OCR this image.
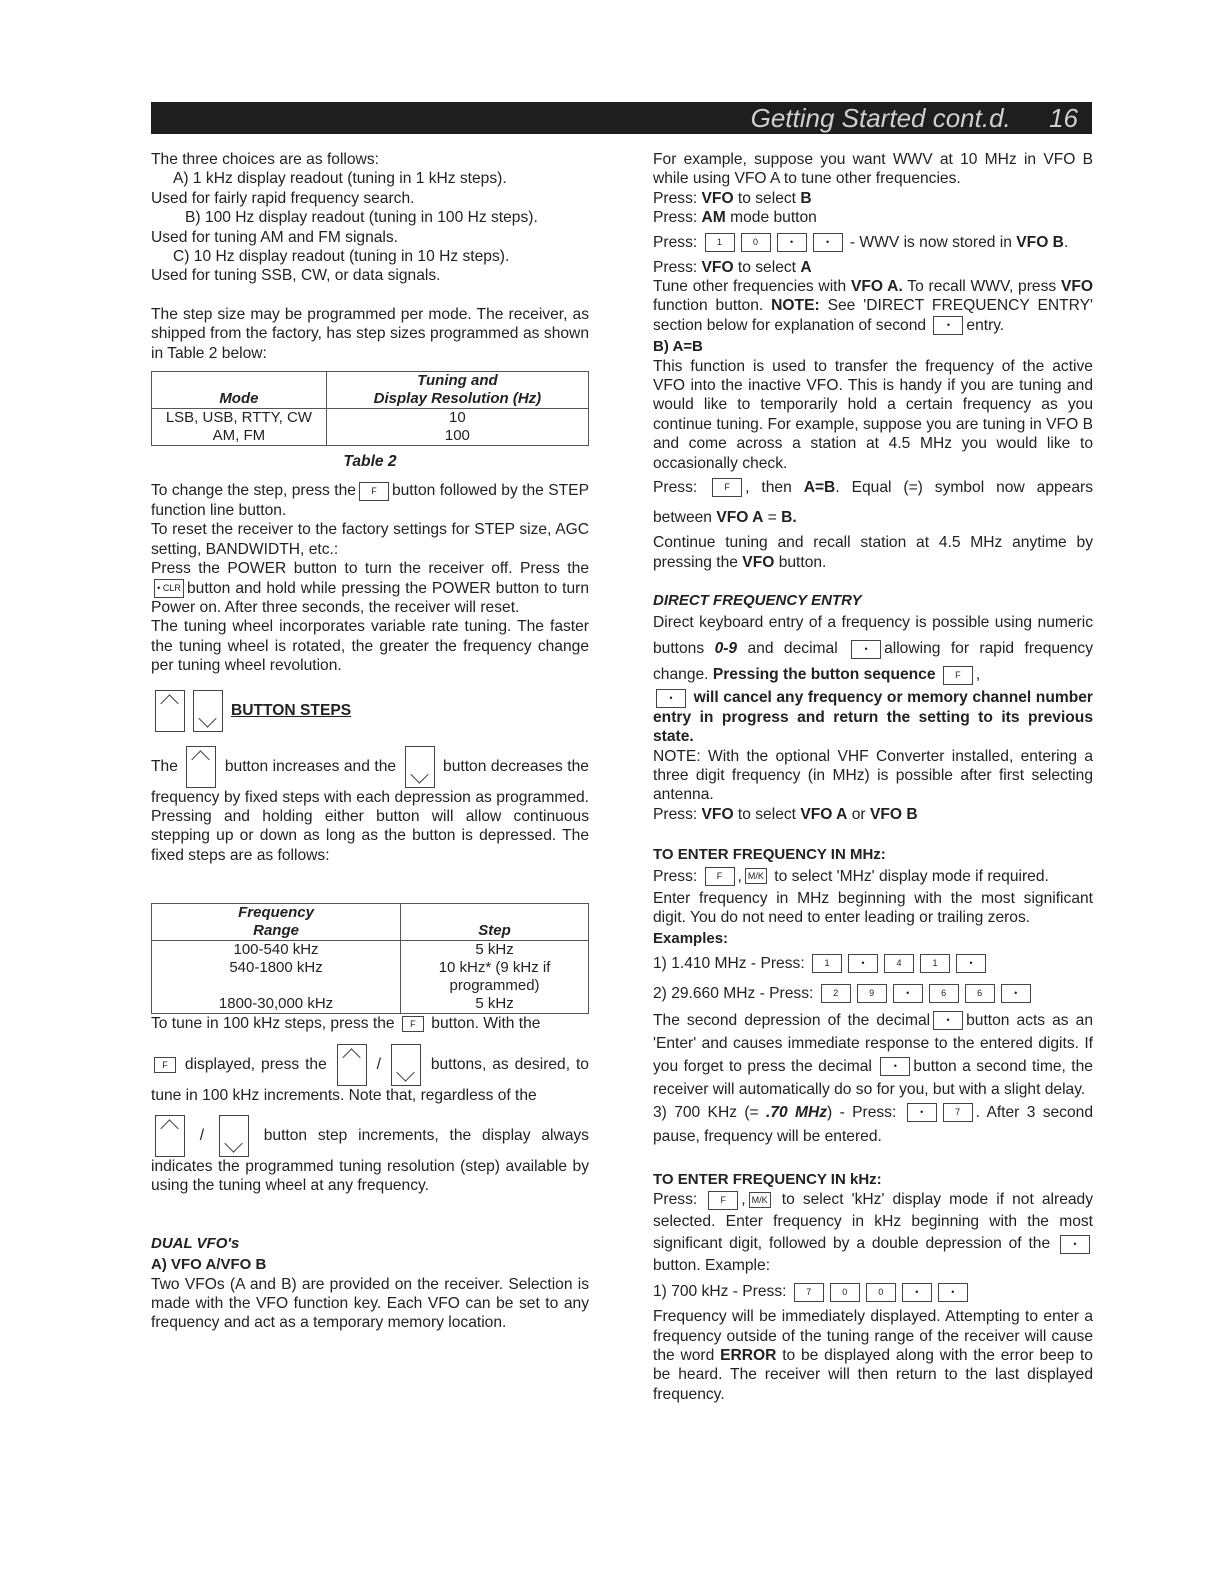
Getting Started cont.d. 16

The three choices are as follows:

A) 1 kHz display readout (tuning in 1 kHz steps).

Used for fairly rapid frequency search.

B) 100 Hz display readout (tuning in 100 Hz steps).

Used for tuning AM and FM signals.

C) 10 Hz display readout (tuning in 10 Hz steps).

Used for tuning SSB, CW, or data signals.

The step size may be programmed per mode. The receiver, as shipped from the factory, has step sizes programmed as shown in Table 2 below:

Mode	Tuning and
Display Resolution (Hz)

LSB, USB, RTTY, CW	10
AM, FM	100
Table 2

To change the step, press the F button followed by the STEP function line button.

To reset the receiver to the factory settings for STEP size, AGC setting, BANDWIDTH, etc.:

Press the POWER button to turn the receiver off. Press the • CLR button and hold while pressing the POWER button to turn Power on. After three seconds, the receiver will reset.

The tuning wheel incorporates variable rate tuning. The faster the tuning wheel is rotated, the greater the frequency change per tuning wheel revolution.

BUTTON STEPS

The	button increases and the	button decreases the frequency by fixed steps with each depression as programmed. Pressing and holding either button will allow continuous stepping up or down as long as the button is depressed. The fixed steps are as follows:

Frequency
Range	Step
100-540 kHz	5 kHz
540-1800 kHz	10 kHz* (9 kHz if programmed)
1800-30,000 kHz	5 kHz

To tune in 100 kHz steps, press the F button. With the

F displayed, press the	/	buttons, as desired, to tune in 100 kHz increments. Note that, regardless of the

/	button step increments, the display always indicates the programmed tuning resolution (step) available by using the tuning wheel at any frequency.

DUAL VFO's

A) VFO A/VFO B

Two VFOs (A and B) are provided on the receiver. Selection is made with the VFO function key. Each VFO can be set to any frequency and act as a temporary memory location.

For example, suppose you want WWV at 10 MHz in VFO B while using VFO A to tune other frequencies.

Press: VFO to select B

Press: AM mode button

Press: 1	0	•	• - WWV is now stored in VFO B.

Press: VFO to select A

Tune other frequencies with VFO A. To recall WWV, press VFO function button. NOTE: See 'DIRECT FREQUENCY ENTRY' section below for explanation of second • entry.

B) A=B

This function is used to transfer the frequency of the active VFO into the inactive VFO. This is handy if you are tuning and would like to temporarily hold a certain frequency as you continue tuning. For example, suppose you are tuning in VFO B and come across a station at 4.5 MHz you would like to occasionally check.

Press:	F , then A=B. Equal (=) symbol now appears between VFO A = B.

Continue tuning and recall station at 4.5 MHz anytime by pressing the VFO button.

DIRECT FREQUENCY ENTRY

Direct keyboard entry of a frequency is possible using numeric buttons 0-9 and decimal	• allowing for rapid frequency change. Pressing the button sequence F ,

• will cancel any frequency or memory channel number entry in progress and return the setting to its previous state.

NOTE: With the optional VHF Converter installed, entering a three digit frequency (in MHz) is possible after first selecting antenna.

Press: VFO to select VFO A or VFO B

TO ENTER FREQUENCY IN MHz:

Press: F , M/K to select 'MHz' display mode if required.

Enter frequency in MHz beginning with the most significant digit. You do not need to enter leading or trailing zeros.

Examples:

1) 1.410 MHz - Press: 1	•	4	1	•

2) 29.660 MHz - Press: 2	9	•	6	6	•

The second depression of the decimal • button acts as an 'Enter' and causes immediate response to the entered digits. If you forget to press the decimal • button a second time, the receiver will automatically do so for you, but with a slight delay.

3) 700 KHz (= .70 MHz) - Press:	•	7 . After 3 second pause, frequency will be entered.

TO ENTER FREQUENCY IN kHz:

Press:	F , M/K to select 'kHz' display mode if not already selected. Enter frequency in kHz beginning with the most significant digit, followed by a double depression of the	•button. Example:

1) 700 kHz - Press: 7	0	0	•	•

Frequency will be immediately displayed. Attempting to enter a frequency outside of the tuning range of the receiver will cause the word ERROR to be displayed along with the error beep to be heard. The receiver will then return to the last displayed frequency.
